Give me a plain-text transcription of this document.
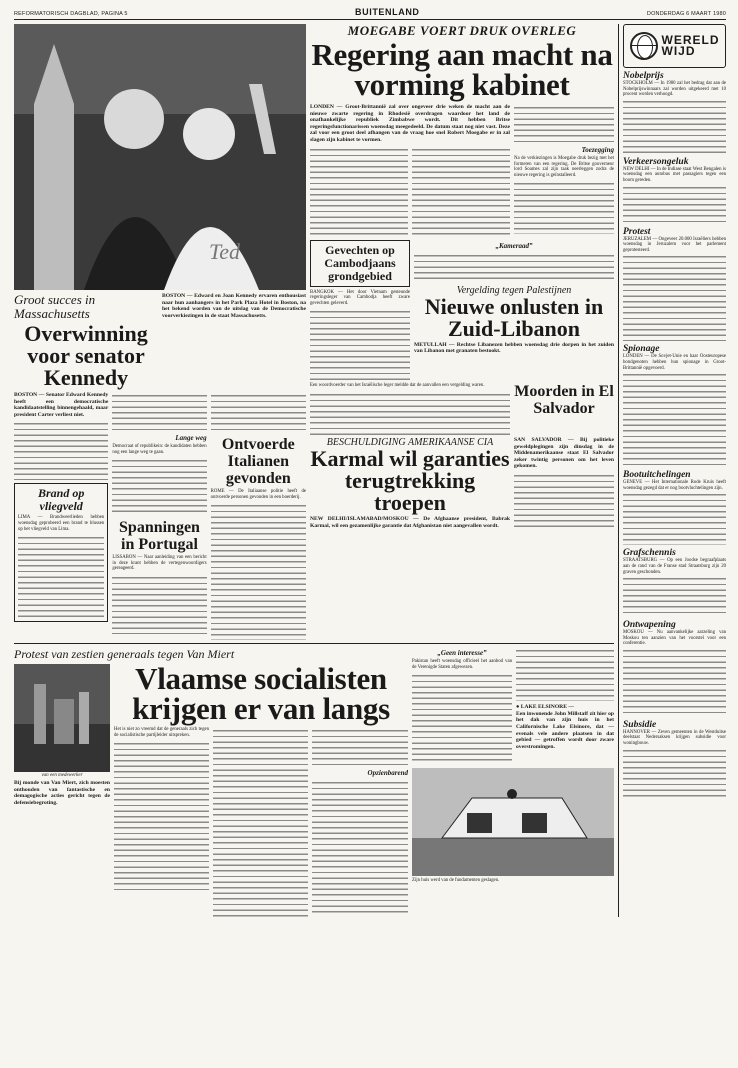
REFORMATORISCH DAGBLAD, PAGINA 5	BUITENLAND	DONDERDAG 6 MAART 1980
Ted
Groot succes in Massachusetts
Overwinning voor senator Kennedy
BOSTON — Edward en Joan Kennedy ervaren enthousiast naar hun aanhangers in het Park Plaza Hotel in Boston, na het bekend worden van de uitslag van de Democratische voorverkiezingen in de staat Massachusetts.
BOSTON — Senator Edward Kennedy heeft een democratische kandidaatstelling binnengehaald, maar president Carter verliest niet.
Brand op vliegveld
LIMA — Brandweerlieden hebben woensdag geprobeerd een brand te blussen op het vliegveld van Lima.
Lange weg
Democraat of republikein: de kandidaten hebben nog een lange weg te gaan.
Spanningen in Portugal
LISSABON — Naar aanleiding van een bericht in deze krant hebben de vertegenwoordigers gereageerd.
Ontvoerde Italianen gevonden
ROME — De Italiaanse politie heeft de ontvoerde personen gevonden in een boerderij.
MOEGABE VOERT DRUK OVERLEG
Regering aan macht na vorming kabinet
LONDEN — Groot-Brittannië zal over ongeveer drie weken de macht aan de nieuwe zwarte regering in Rhodesië overdragen waardoor het land de onafhankelijke republiek Zimbabwe wordt. Dit hebben Britse regeringsfunctionarissen woensdag meegedeeld. De datum staat nog niet vast. Deze zal voor een groot deel afhangen van de vraag hoe snel Robert Moegabe er in zal slagen zijn kabinet te vormen.
Toezegging
Na de verkiezingen is Moegabe druk bezig met het formeren van een regering. De Britse gouverneur lord Soames zal zijn taak neerleggen zodra de nieuwe regering is geïnstalleerd.
Gevechten op Cambodjaans grondgebied
BANGKOK — Het door Vietnam gesteunde regeringsleger van Cambodja heeft zware gevechten geleverd.
„Kameraad”
Vergelding tegen Palestijnen
Nieuwe onlusten in Zuid-Libanon
METULLAH — Rechtse Libanezen hebben woensdag drie dorpen in het zuiden van Libanon met granaten bestookt.
Een woordvoerder van het Israëlische leger meldde dat de aanvallen een vergelding waren.	Moorden in El Salvador
BESCHULDIGING AMERIKAANSE CIA
Karmal wil garanties terugtrekking troepen
NEW DELHI/ISLAMABAD/MOSKOU — De Afghaanse president, Babrak Karmal, wil een gezamenlijke garantie dat Afghanistan niet aangevallen wordt.
SAN SALVADOR — Bij politieke geweldplegingen zijn dinsdag in de Middenamerikaanse staat El Salvador zeker twintig personen om het leven gekomen.
Protest van zestien generaals tegen Van Miert
van een medewerker
Bij monde van Van Miert, zich moesten onthouden van fantastische en demagogische acties gericht tegen de defensiebegroting.
Vlaamse socialisten krijgen er van langs
Het is niet zo vreemd dat de generaals zich tegen de socialistische partijleider uitspreken.
Opzienbarend
„Geen interesse”
Pakistan heeft woensdag officieel het aanbod van de Verenigde Staten afgewezen.
● LAKE ELSINORE —
Een inwonende John Millstaff zit hier op het dak van zijn huis in het Californische Lake Elsinore, dat — evenals vele andere plaatsen in dat gebied — getroffen wordt door zware overstromingen.
Zijn huis werd van de fundamenten geslagen.
WERELD
WIJD
Nobelprijs
STOCKHOLM — In 1980 zal het bedrag dat aan de Nobelprijswinnaars zal worden uitgekeerd met 10 procent worden verhoogd.
Verkeersongeluk
NEW DELHI — In de Indiase staat West Bengalen is woensdag een autobus met passagiers tegen een boom gereden.
Protest
JERUZALEM — Ongeveer 20.000 Israëliers hebben woensdag in Jeruzalem voor het parlement geprotesteerd.
Spionage
LONDEN — De Sovjet-Unie en haar Oosteuropese bondgenoten hebben hun spionage in Groot-Brittannië opgevoerd.
Bootuitchelingen
GENEVE — Het Internationale Rode Kruis heeft woensdag gezegd dat er nog bootvluchtelingen zijn.
Grafschennis
STRAATSBURG — Op een Joodse begraafplaats aan de rand van de Franse stad Straatsburg zijn 20 graven geschonden.
Ontwapening
MOSKOU — Nu aanvankelijke aarzeling van Moskou ten aanzien van het voorstel voor een conferentie.
Subsidie
HANNOVER — Zeven gemeenten in de Westduitse deelstaat Nedersaksen krijgen subsidie voor woningbouw.
